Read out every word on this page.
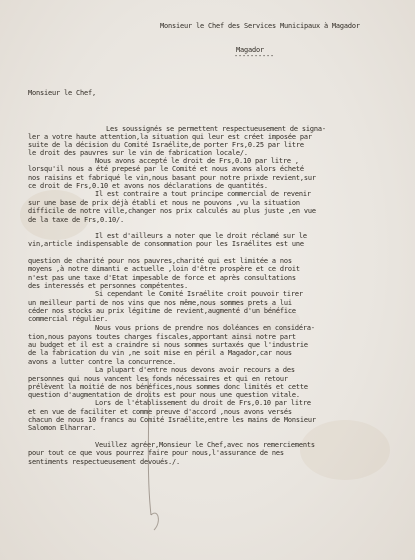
Monsieur le Chef des Services Municipaux à Magador
Magador
----------
Monsieur le Chef,
Les soussignés se permettent respectueusement de signa-
ler a votre haute attention,la situation qui leur est créet imposée par
suite de la décision du Comité Israélite,de porter Frs,0.25 par litre
le droit des pauvres sur le vin de fabrication locale/.
Nous avons accepté le droit de Frs,0.10 par litre ,
lorsqu'il nous a été prepesé par le Comité et nous avons alors écheté
nos raisins et fabriqué le vin,nous basant pour notre prixde revient,sur
ce droit de Frs,0.10 et avons nos déclarations de quantités.
Il est contraire a tout principe commercial de revenir
sur une base de prix déjà établi et nous ne pouvons ,vu la situation
difficile de notre ville,changer nos prix calculés au plus juste ,en vue
de la taxe de Frs,0.10/.
Il est d'ailleurs a noter que le droit réclamé sur le
vin,article indispensable de consommation pour les Israélites est une
question de charité pour nos pauvres,charité qui est limitée a nos
moyens ,à notre dimanti e actuelle ,loin d'être prospère et ce droit
n'est pas une taxe d'Etat impesable de force et après consultations
des interessés et personnes compétentes.
Si cependant le Comité Israélite croit pouvoir tirer
un meilleur parti de nos vins que nos même,nous sommes prets a lui
céder nos stocks au prix légitime de revient,augmenté d'un bénéfice
commercial régulier.
Nous vous prions de prendre nos doléances en considéra-
tion,nous payons toutes charges fiscales,apportant ainsi notre part
au budget et il est a craindre si nous sommes surtaxés que l'industrie
de la fabrication du vin ,ne soit mise en péril a Magador,car nous
avons a lutter contre la concurrence.
La plupart d'entre nous devons avoir recours a des
personnes qui nous vancent les fonds nécessaires et qui en retour
prélèvent la moitié de nos bénéfices,nous sommes donc limités et cette
question d'augmentation de droits est pour nous une question vitale.
Lors de l'établissement du droit de Frs,0.10 par litre
et en vue de faciliter et comme preuve d'accord ,nous avons versés
chacun de nous 10 francs au Comité Israélite,entre les mains de Monsieur
Salomon Elharrar.
Veuillez agréer,Monsieur le Chef,avec nos remerciements
pour tout ce que vous pourrez faire pour nous,l'assurance de nes
sentiments respectueusement devoués./.
